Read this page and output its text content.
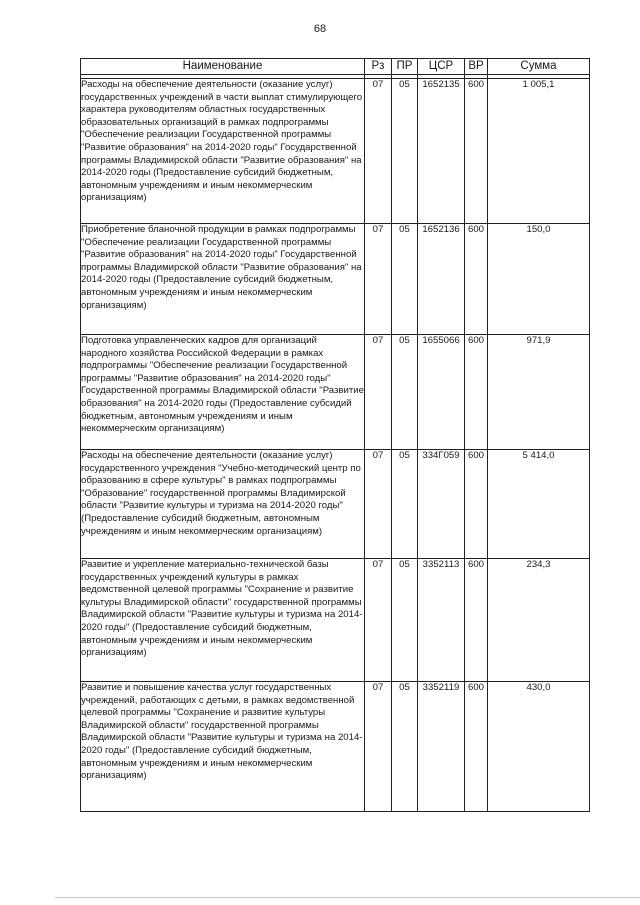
68
Наименование	Рз	ПР	ЦСР	ВР	Сумма

Расходы на обеспечение деятельности (оказание услуг) государственных учреждений в части выплат стимулирующего характера руководителям областных государственных образовательных организаций в рамках подпрограммы "Обеспечение реализации Государственной программы "Развитие образования" на 2014-2020 годы" Государственной программы Владимирской области "Развитие образования" на 2014-2020 годы (Предоставление субсидий бюджетным, автономным учреждениям и иным некоммерческим организациям)	07	05	1652135	600	1 005,1
Приобретение бланочной продукции в рамках подпрограммы "Обеспечение реализации Государственной программы "Развитие образования" на 2014-2020 годы" Государственной программы Владимирской области "Развитие образования" на 2014-2020 годы (Предоставление субсидий бюджетным, автономным учреждениям и иным некоммерческим организациям)	07	05	1652136	600	150,0
Подготовка управленческих кадров для организаций народного хозяйства Российской Федерации в рамках подпрограммы "Обеспечение реализации Государственной программы "Развитие образования" на 2014-2020 годы" Государственной программы Владимирской области "Развитие образования" на 2014-2020 годы (Предоставление субсидий бюджетным, автономным учреждениям и иным некоммерческим организациям)	07	05	1655066	600	971,9
Расходы на обеспечение деятельности (оказание услуг) государственного учреждения "Учебно-методический центр по образованию в сфере культуры" в рамках подпрограммы "Образование" государственной программы Владимирской области "Развитие культуры и туризма на 2014-2020 годы" (Предоставление субсидий бюджетным, автономным учреждениям и иным некоммерческим организациям)	07	05	334Г059	600	5 414,0
Развитие и укрепление материально-технической базы государственных учреждений культуры в рамках ведомственной целевой программы "Сохранение и развитие культуры Владимирской области" государственной программы Владимирской области "Развитие культуры и туризма на 2014-2020 годы" (Предоставление субсидий бюджетным, автономным учреждениям и иным некоммерческим организациям)	07	05	3352113	600	234,3
Развитие и повышение качества услуг государственных учреждений, работающих с детьми, в рамках ведомственной целевой программы "Сохранение и развитие культуры Владимирской области" государственной программы Владимирской области "Развитие культуры и туризма на 2014-2020 годы" (Предоставление субсидий бюджетным, автономным учреждениям и иным некоммерческим организациям)	07	05	3352119	600	430,0
